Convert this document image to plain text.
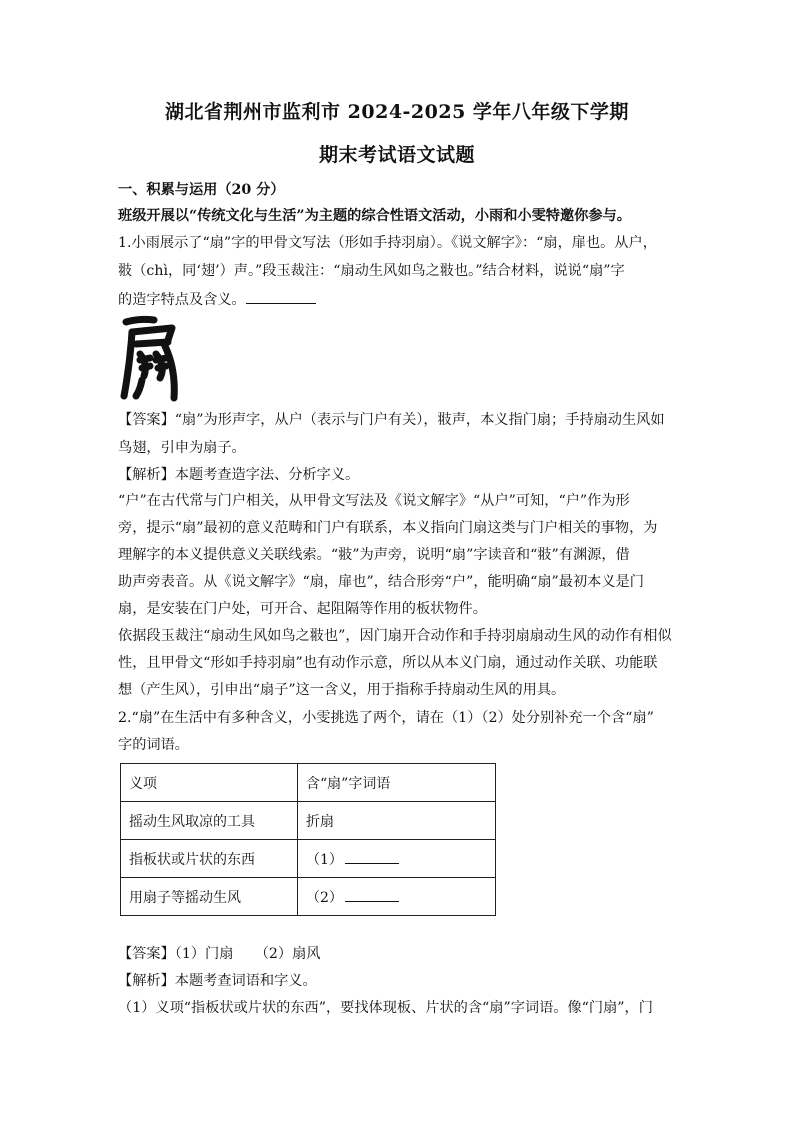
湖北省荆州市监利市 2024-2025 学年八年级下学期
期末考试语文试题
一、积累与运用（20 分）
班级开展以“传统文化与生活”为主题的综合性语文活动，小雨和小雯特邀你参与。
1.小雨展示了“扇”字的甲骨文写法（形如手持羽扇）。《说文解字》：“扇，扉也。从户，
翄（chì，同‘翅’）声。”段玉裁注：“扇动生风如鸟之翄也。”结合材料，说说“扇”字
的造字特点及含义。
【答案】“扇”为形声字，从户（表示与门户有关），翄声，本义指门扇；手持扇动生风如
鸟翅，引申为扇子。
【解析】本题考查造字法、分析字义。
“户”在古代常与门户相关，从甲骨文写法及《说文解字》“从户”可知，“户”作为形
旁，提示“扇”最初的意义范畴和门户有联系，本义指向门扇这类与门户相关的事物，为
理解字的本义提供意义关联线索。“翄”为声旁，说明“扇”字读音和“翄”有渊源，借
助声旁表音。从《说文解字》“扇，扉也”，结合形旁“户”，能明确“扇”最初本义是门
扇，是安装在门户处，可开合、起阻隔等作用的板状物件。
依据段玉裁注“扇动生风如鸟之翄也”，因门扇开合动作和手持羽扇扇动生风的动作有相似
性，且甲骨文“形如手持羽扇”也有动作示意，所以从本义门扇，通过动作关联、功能联
想（产生风），引申出“扇子”这一含义，用于指称手持扇动生风的用具。
2.“扇”在生活中有多种含义，小雯挑选了两个，请在（1）（2）处分别补充一个含“扇”
字的词语。
义项	含“扇”字词语
摇动生风取凉的工具	折扇
指板状或片状的东西	（1）
用扇子等摇动生风	（2）
【答案】（1）门扇　　（2）扇风
【解析】本题考查词语和字义。
（1）义项“指板状或片状的东西”，要找体现板、片状的含“扇”字词语。像“门扇”，门
